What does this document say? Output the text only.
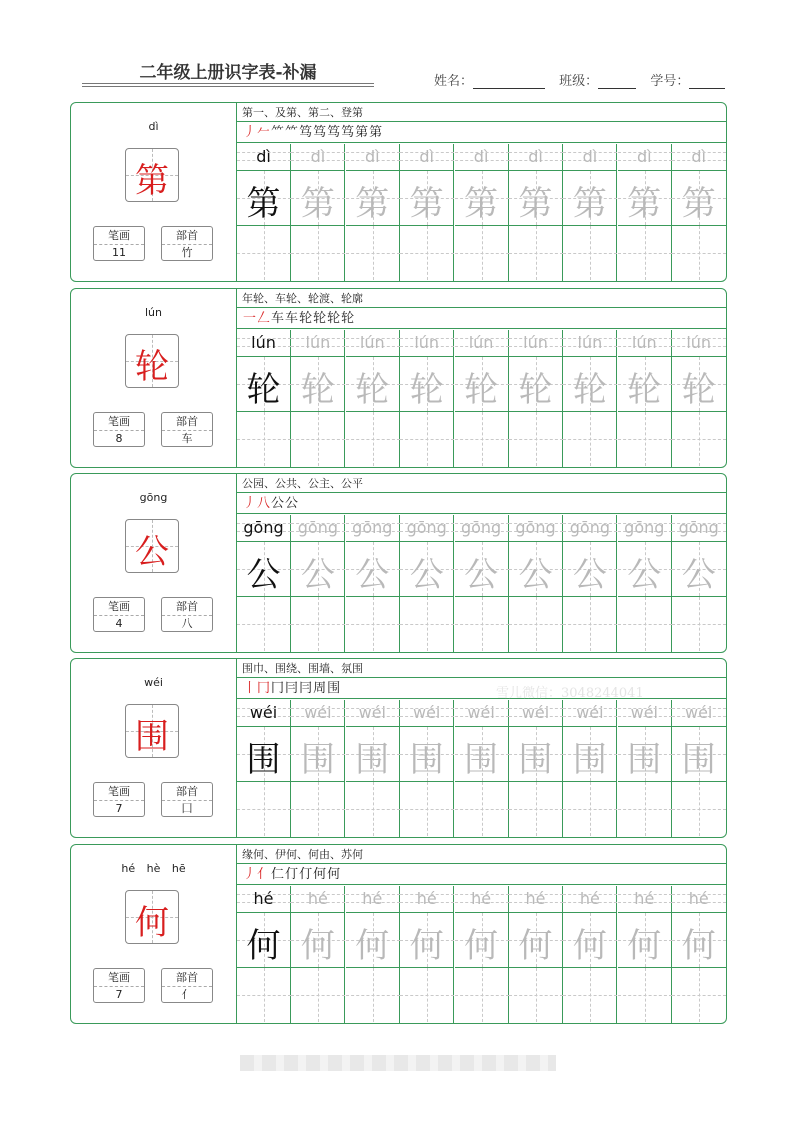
二年级上册识字表-补漏	姓名：	班级：	学号：
dì
第
笔画
11
部首
竹
第一、及第、第二、登第
丿𠂉⺮⺮笃笃笃笃第第
dì
第
dì
第
dì
第
dì
第
dì
第
dì
第
dì
第
dì
第
dì
第
lún
轮
笔画
8
部首
车
年轮、车轮、轮渡、轮廓
一𠃋车车轮轮轮轮
lún
轮
lún
轮
lún
轮
lún
轮
lún
轮
lún
轮
lún
轮
lún
轮
lún
轮
gōng
公
笔画
4
部首
八
公园、公共、公主、公平
丿八公公
gōng
公
gōng
公
gōng
公
gōng
公
gōng
公
gōng
公
gōng
公
gōng
公
gōng
公
wéi
围
笔画
7
部首
囗
围巾、围绕、围墙、氛围
丨冂冂冃冃周围
wéi
围
wéi
围
wéi
围
wéi
围
wéi
围
wéi
围
wéi
围
wéi
围
wéi
围
hé hè hē
何
笔画
7
部首
亻
缘何、伊何、何由、苏何
丿亻仁仃仃何何
hé
何
hé
何
hé
何
hé
何
hé
何
hé
何
hé
何
hé
何
hé
何
雪儿微信：3048244041
